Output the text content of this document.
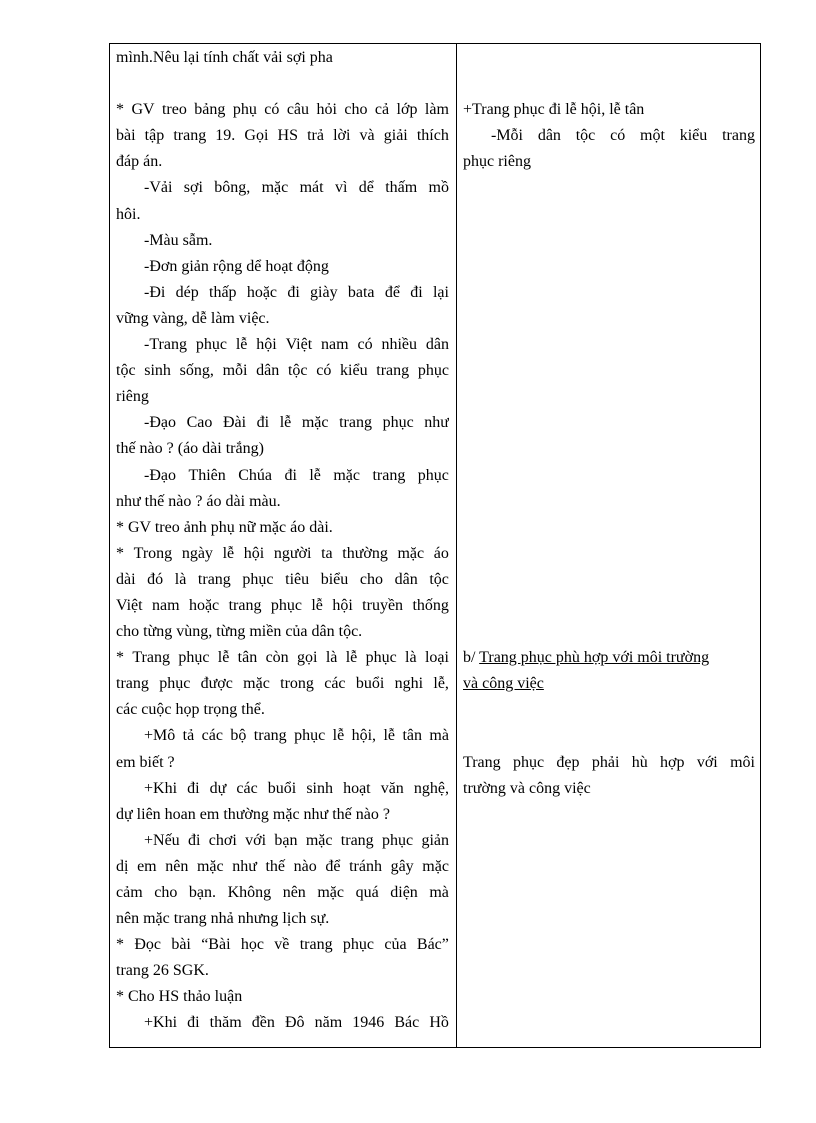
mình.Nêu lại tính chất vải sợi pha

* GV treo bảng phụ có câu hỏi cho cả lớp làm
bài tập trang 19. Gọi HS trả lời và giải thích
đáp án.
-Vải sợi bông, mặc mát vì dể thấm mồ
hôi.
-Màu sẫm.
-Đơn giản rộng dể hoạt động
-Đi dép thấp hoặc đi giày bata để đi lại
vững vàng, dễ làm việc.
-Trang phục lễ hội Việt nam có nhiều dân
tộc sinh sống, mỗi dân tộc có kiểu trang phục
riêng
-Đạo Cao Đài đi lễ mặc trang phục như
thế nào ? (áo dài trắng)
-Đạo Thiên Chúa đi lễ mặc trang phục
như thế nào ? áo dài màu.
* GV treo ảnh phụ nữ mặc áo dài.
* Trong ngày lễ hội người ta thường mặc áo
dài đó là trang phục tiêu biểu cho dân tộc
Việt nam hoặc trang phục lễ hội truyền thống
cho từng vùng, từng miền của dân tộc.
* Trang phục lễ tân còn gọi là lễ phục là loại
trang phục được mặc trong các buổi nghi lễ,
các cuộc họp trọng thể.
+Mô tả các bộ trang phục lễ hội, lễ tân mà
em biết ?
+Khi đi dự các buổi sinh hoạt văn nghệ,
dự liên hoan em thường mặc như thế nào ?
+Nếu đi chơi với bạn mặc trang phục giản
dị em nên mặc như thế nào để tránh gây mặc
cảm cho bạn. Không nên mặc quá diện mà
nên mặc trang nhả nhưng lịch sự.
* Đọc bài “Bài học về trang phục của Bác”
trang 26 SGK.
* Cho HS thảo luận
+Khi đi thăm đền Đô năm 1946 Bác Hồ

+Trang phục đi lễ hội, lễ tân
-Mỗi dân tộc có một kiểu trang
phục riêng

b/ Trang phục phù hợp với môi trường
và công việc

Trang phục đẹp phải hù hợp với môi
trường và công việc
